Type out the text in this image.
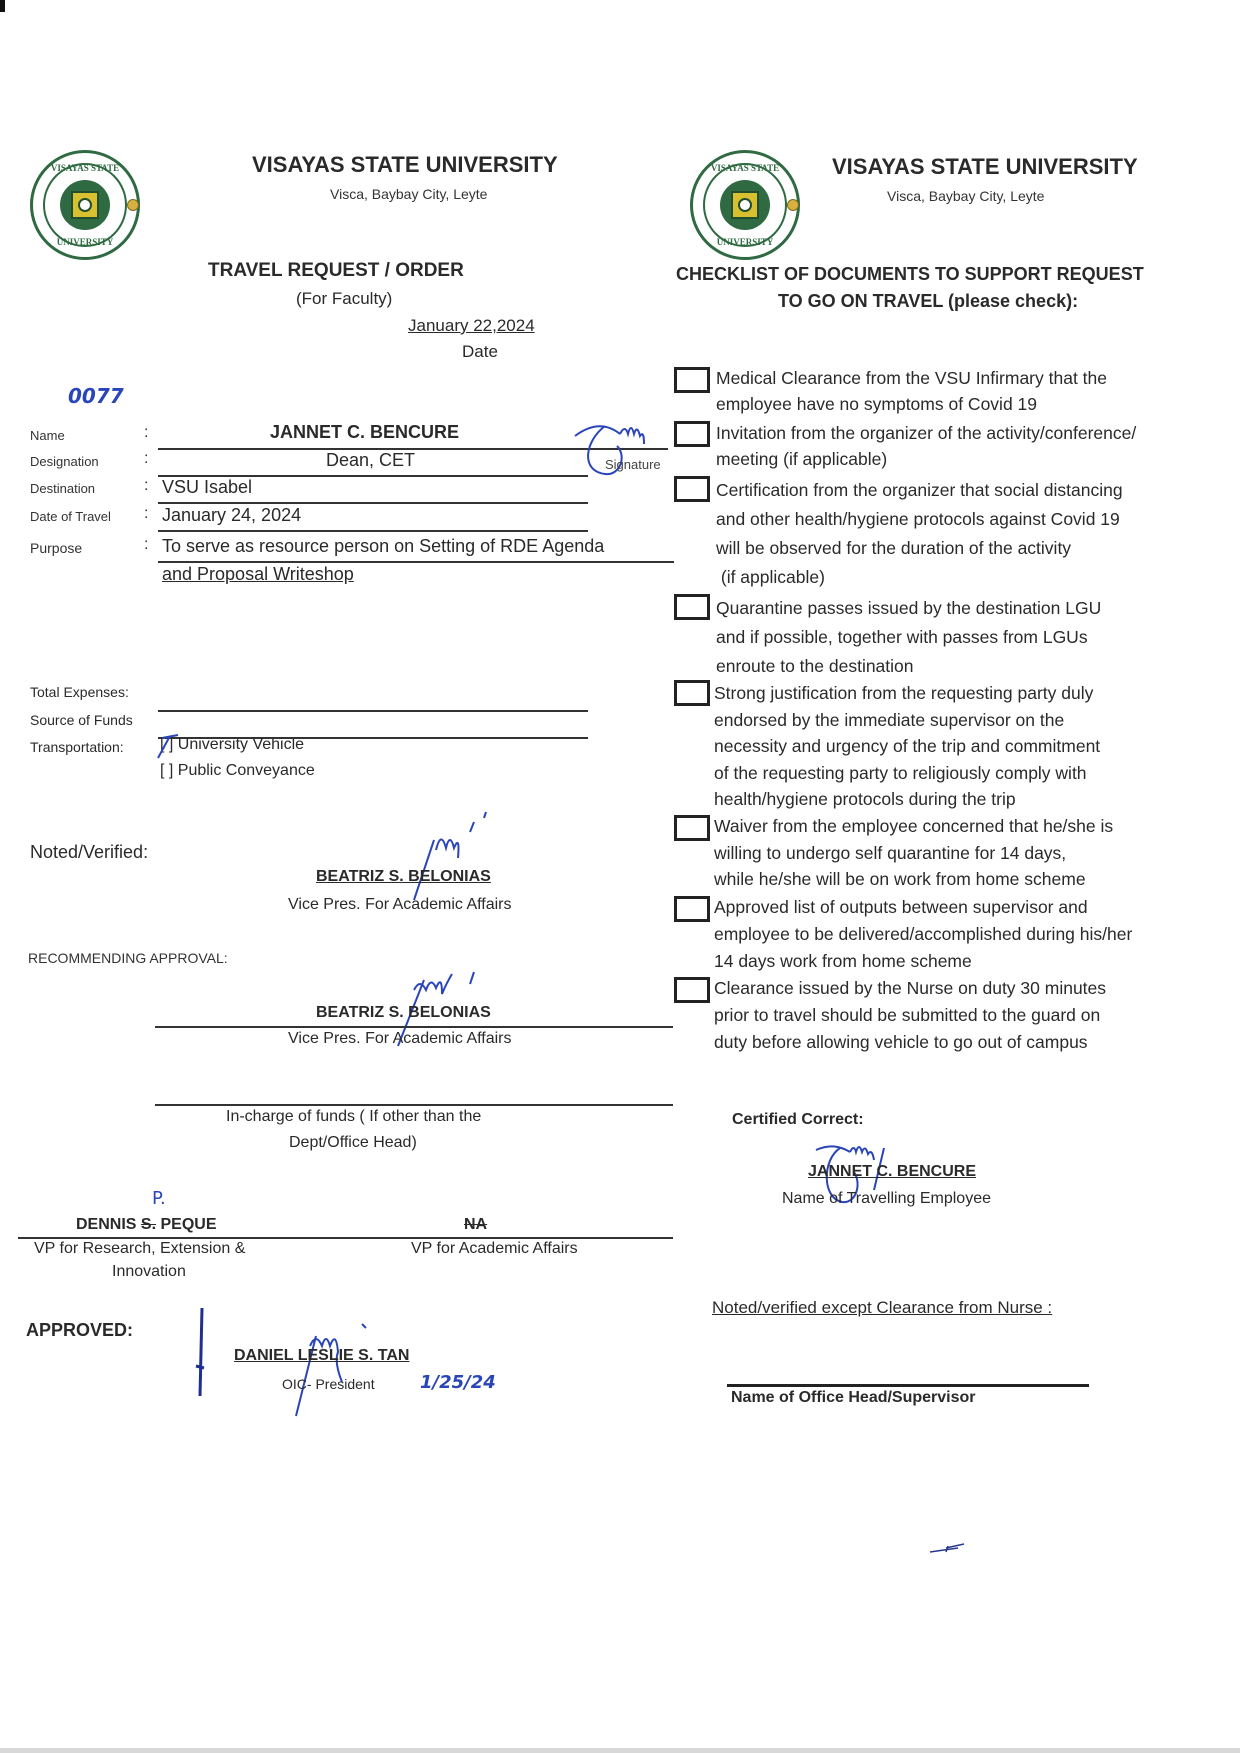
VISAYAS STATE
UNIVERSITY
VISAYAS STATE UNIVERSITY
Visca, Baybay City, Leyte
TRAVEL REQUEST / ORDER
(For Faculty)
January 22,2024
Date
0077
Name	:	JANNET C. BENCURE
Designation	:	Dean, CET	Signature
Destination	: VSU Isabel
Date of Travel : January 24, 2024
Purpose	: To serve as resource person on Setting of RDE Agenda
and Proposal Writeshop
Total Expenses:
Source of Funds
Transportation: [ ] University Vehicle
[ ] Public Conveyance
Noted/Verified:
BEATRIZ S. BELONIAS
Vice Pres. For Academic Affairs
RECOMMENDING APPROVAL:
BEATRIZ S. BELONIAS
Vice Pres. For Academic Affairs
In-charge of funds ( If other than the
Dept/Office Head)
P.
DENNIS S. PEQUE
VP for Research, Extension &
Innovation
NA
VP for Academic Affairs
APPROVED:
DANIEL LESLIE S. TAN
OIC- President	1/25/24
VISAYAS STATE
UNIVERSITY
VISAYAS STATE UNIVERSITY
Visca, Baybay City, Leyte
CHECKLIST OF DOCUMENTS TO SUPPORT REQUEST
TO GO ON TRAVEL (please check):
Medical Clearance from the VSU Infirmary that the
employee have no symptoms of Covid 19
Invitation from the organizer of the activity/conference/
meeting (if applicable)
Certification from the organizer that social distancing
and other health/hygiene protocols against Covid 19
will be observed for the duration of the activity
(if applicable)
Quarantine passes issued by the destination LGU
and if possible, together with passes from LGUs
enroute to the destination
Strong justification from the requesting party duly
endorsed by the immediate supervisor on the
necessity and urgency of the trip and commitment
of the requesting party to religiously comply with
health/hygiene protocols during the trip
Waiver from the employee concerned that he/she is
willing to undergo self quarantine for 14 days,
while he/she will be on work from home scheme
Approved list of outputs between supervisor and
employee to be delivered/accomplished during his/her
14 days work from home scheme
Clearance issued by the Nurse on duty 30 minutes
prior to travel should be submitted to the guard on
duty before allowing vehicle to go out of campus
Certified Correct:
JANNET C. BENCURE
Name of Travelling Employee
Noted/verified except Clearance from Nurse :
Name of Office Head/Supervisor
